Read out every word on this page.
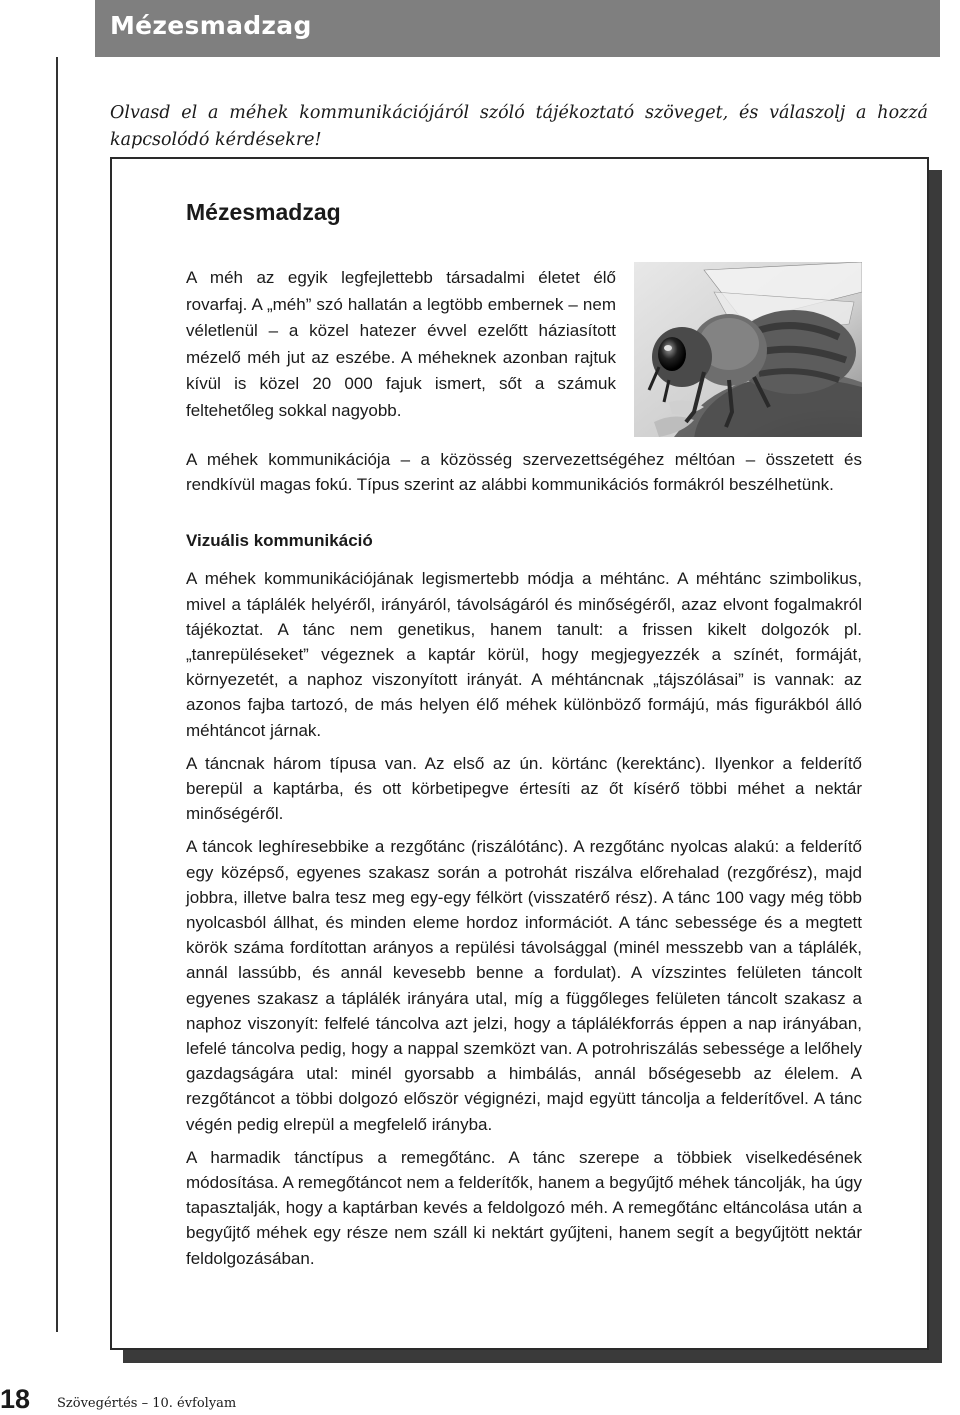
Mézesmadzag

Olvasd el a méhek kommunikációjáról szóló tájékoztató szöveget, és válaszolj a hozzá kapcsolódó kérdésekre!

Mézesmadzag

A méh az egyik legfejlettebb társadalmi életet élő rovarfaj. A „méh” szó hallatán a legtöbb embernek – nem véletlenül – a közel hatezer évvel ezelőtt háziasított mézelő méh jut az eszébe. A méheknek azonban rajtuk kívül is közel 20 000 fajuk ismert, sőt a számuk feltehetőleg sokkal nagyobb.

A méhek kommunikációja – a közösség szervezettségéhez méltóan – összetett és rendkívül magas fokú. Típus szerint az alábbi kommunikációs formákról beszélhetünk.

Vizuális kommunikáció

A méhek kommunikációjának legismertebb módja a méhtánc. A méhtánc szimbolikus, mivel a táplálék helyéről, irányáról, távolságáról és minőségéről, azaz elvont fogalmakról tájékoztat. A tánc nem genetikus, hanem tanult: a frissen kikelt dolgozók pl. „tanrepüléseket” végeznek a kaptár körül, hogy megjegyezzék a színét, formáját, környezetét, a naphoz viszonyított irányát. A méhtáncnak „tájszólásai” is vannak: az azonos fajba tartozó, de más helyen élő méhek különböző formájú, más figurákból álló méhtáncot járnak.

A táncnak három típusa van. Az első az ún. körtánc (kerektánc). Ilyenkor a felderítő berepül a kaptárba, és ott körbetipegve értesíti az őt kísérő többi méhet a nektár minőségéről.

A táncok leghíresebbike a rezgőtánc (riszálótánc). A rezgőtánc nyolcas alakú: a felderítő egy középső, egyenes szakasz során a potrohát riszálva előrehalad (rezgőrész), majd jobbra, illetve balra tesz meg egy-egy félkört (visszatérő rész). A tánc 100 vagy még több nyolcasból állhat, és minden eleme hordoz információt. A tánc sebessége és a megtett körök száma fordítottan arányos a repülési távolsággal (minél messzebb van a táplálék, annál lassúbb, és annál kevesebb benne a fordulat). A vízszintes felületen táncolt egyenes szakasz a táplálék irányára utal, míg a függőleges felületen táncolt szakasz a naphoz viszonyít: felfelé táncolva azt jelzi, hogy a táplálékforrás éppen a nap irányában, lefelé táncolva pedig, hogy a nappal szemközt van. A potrohriszálás sebessége a lelőhely gazdagságára utal: minél gyorsabb a himbálás, annál bőségesebb az élelem. A rezgőtáncot a többi dolgozó először végignézi, majd együtt táncolja a felderítővel. A tánc végén pedig elrepül a megfelelő irányba.

A harmadik tánctípus a remegőtánc. A tánc szerepe a többiek viselkedésének módosítása. A remegőtáncot nem a felderítők, hanem a begyűjtő méhek táncolják, ha úgy tapasztalják, hogy a kaptárban kevés a feldolgozó méh. A remegőtánc eltáncolása után a begyűjtő méhek egy része nem száll ki nektárt gyűjteni, hanem segít a begyűjtött nektár feldolgozásában.

18 Szövegértés – 10. évfolyam
